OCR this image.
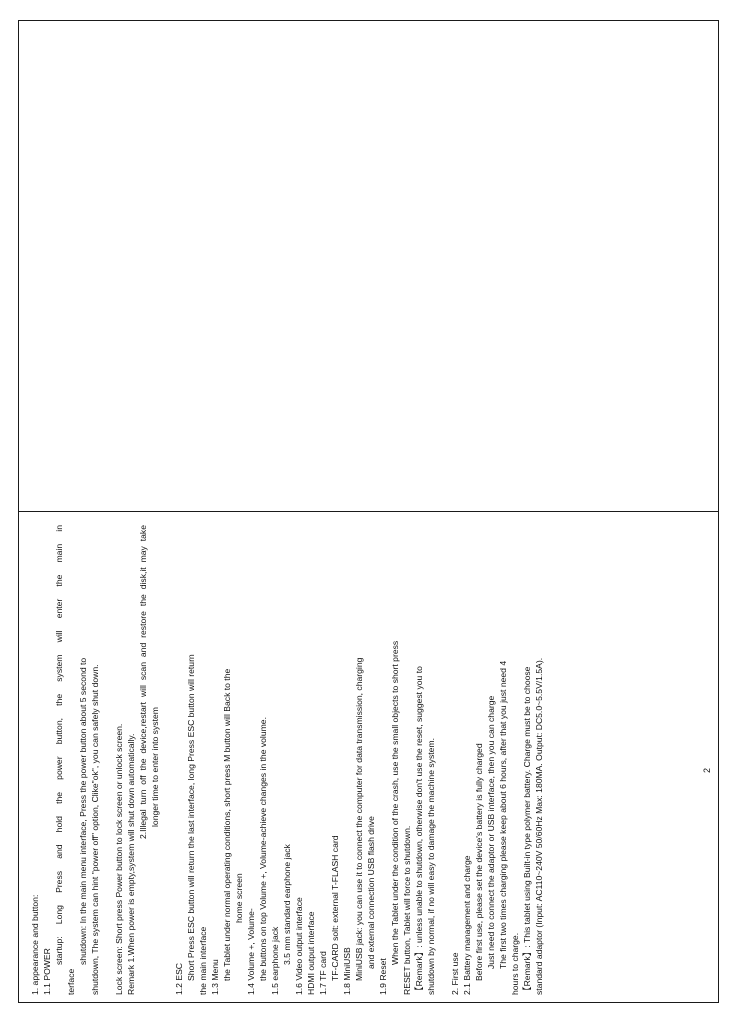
1. appearance and button: 1.1 POWER
startup: Long Press and hold the power button, the system will enter the main in
terface
shutdown: In the main menu interface, Press the power button about 5 second to shutdown, The system can hint "power off" option, Clike"ok", you can safely shut down. Lock screen: Short press Power button to lock screen or unlock screen. Remark 1.When power is empty,system will shut down automatically.
2.Illegal turn off the device,restart will scan and restore the disk,it may take longer time to enter into system
1.2 ESC Short Press ESC button will return the last interface, long Press ESC button will return the main interface 1.3 Menu the Tablet under normal operating conditions, short press M button will Back to the home screen
1.4 Volume +, Volume- the buttons on top Volume +, Volume-achieve changes in the volume. 1.5 earphone jack 3.5 mm standard earphone jack 1.6 Video output interface HDMI output interface 1.7 TF card TF-CARD solt: external T-FLASH card 1.8 MiniUSB MiniUSB jack: you can use it to connect the computer for data transmission, charging and external connection USB flash drive
1.9 Reset
When the Tablet under the condition of the crash, use the small objects to short press RESET button, Tablet will force to shutdown. 【Remark】: unless unable to shutdown, otherwise don't use the reset, suggest you to shutdown by normal, if no will easy to damage the machine system. 2. First use 2.1 Battery management and charge Before first use, please set the device's battery is fully charged Just need to connect the adaptor or USB interface, then you can charge The first two times charging please keep about 6 hours, after that you just need 4 hours to charge. 【Remark】: This tablet using Built-in type polymer battery. Charge must be to choose standard adaptor (Input: AC110~240V 50/60Hz Max: 180MA. Output: DC5.0~5.5V/1.5A).	2
